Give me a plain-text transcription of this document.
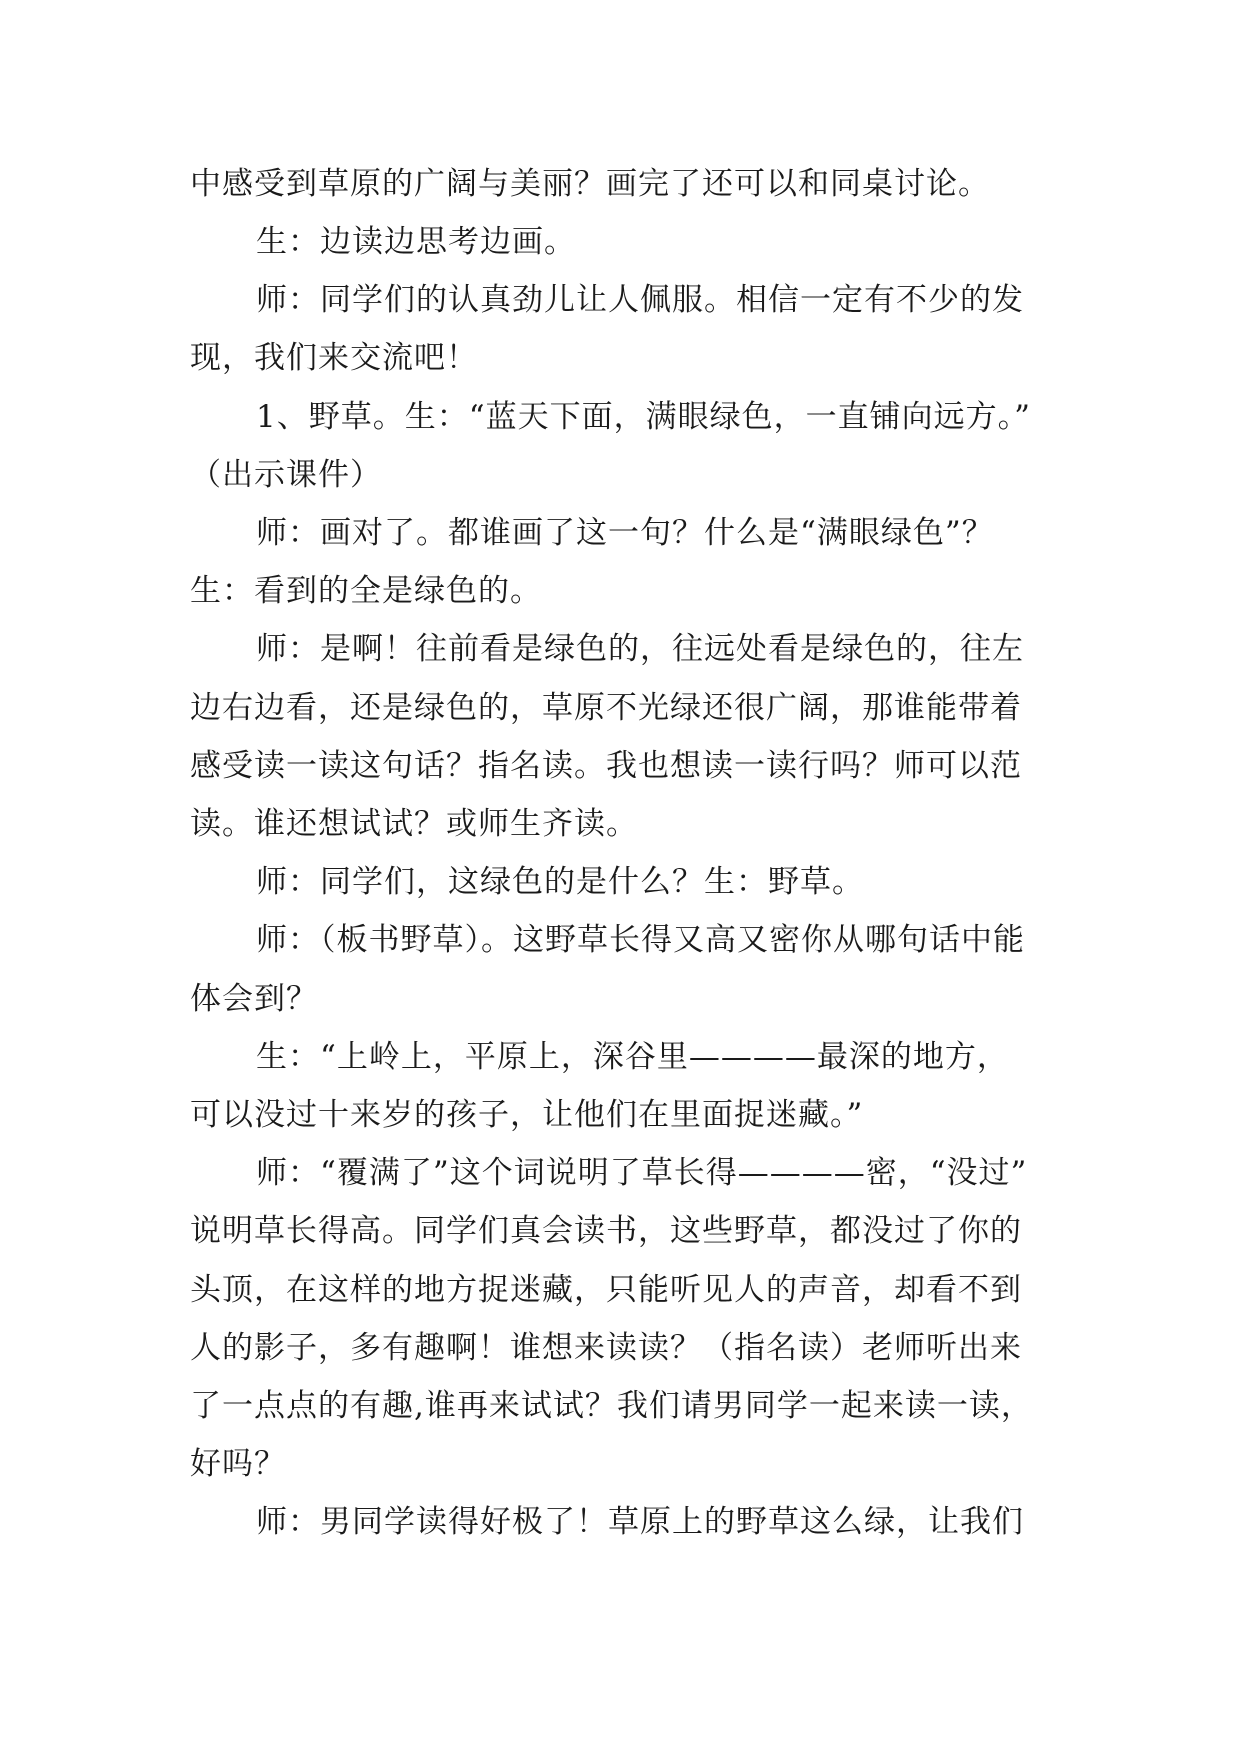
中感受到草原的广阔与美丽？画完了还可以和同桌讨论。
生：边读边思考边画。
师：同学们的认真劲儿让人佩服。相信一定有不少的发
现，我们来交流吧！
1、野草。生：“蓝天下面，满眼绿色，一直铺向远方。”
（出示课件）
师：画对了。都谁画了这一句？什么是“满眼绿色”？
生：看到的全是绿色的。
师：是啊！往前看是绿色的，往远处看是绿色的，往左
边右边看，还是绿色的，草原不光绿还很广阔，那谁能带着
感受读一读这句话？指名读。我也想读一读行吗？师可以范
读。谁还想试试？或师生齐读。
师：同学们，这绿色的是什么？生：野草。
师：（板书野草）。这野草长得又高又密你从哪句话中能
体会到？
生：“上岭上，平原上，深谷里————最深的地方，
可以没过十来岁的孩子，让他们在里面捉迷藏。”
师：“覆满了”这个词说明了草长得————密，“没过”
说明草长得高。同学们真会读书，这些野草，都没过了你的
头顶，在这样的地方捉迷藏，只能听见人的声音，却看不到
人的影子，多有趣啊！谁想来读读？（指名读）老师听出来
了一点点的有趣,谁再来试试？我们请男同学一起来读一读，
好吗？
师：男同学读得好极了！草原上的野草这么绿，让我们
